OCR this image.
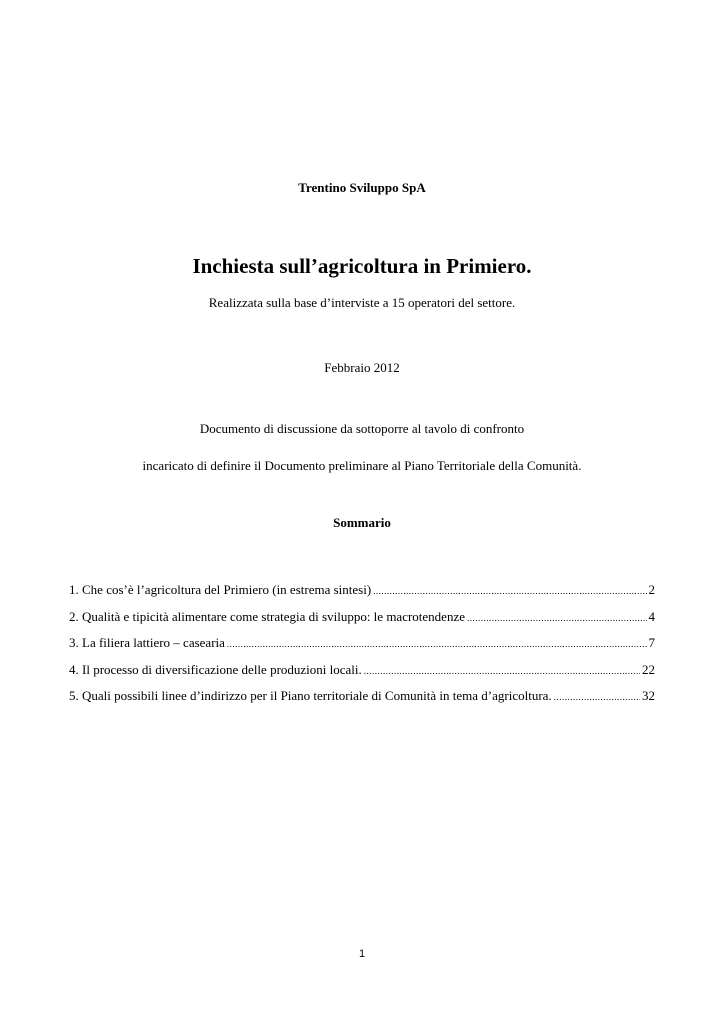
Trentino Sviluppo SpA
Inchiesta sull’agricoltura in Primiero.
Realizzata sulla base d’interviste a 15 operatori del settore.
Febbraio 2012
Documento di discussione da sottoporre al tavolo di confronto
incaricato di definire il Documento preliminare al Piano Territoriale della Comunità.
Sommario
1. Che cos’è l’agricoltura del Primiero (in estrema sintesi) .....	2
2. Qualità e tipicità alimentare come strategia di sviluppo: le macrotendenze .....	4
3. La filiera lattiero – casearia .....	7
4. Il processo di diversificazione delle produzioni locali. .....	22
5. Quali possibili linee d’indirizzo per il Piano territoriale di Comunità in tema d’agricoltura. .....	32
1
